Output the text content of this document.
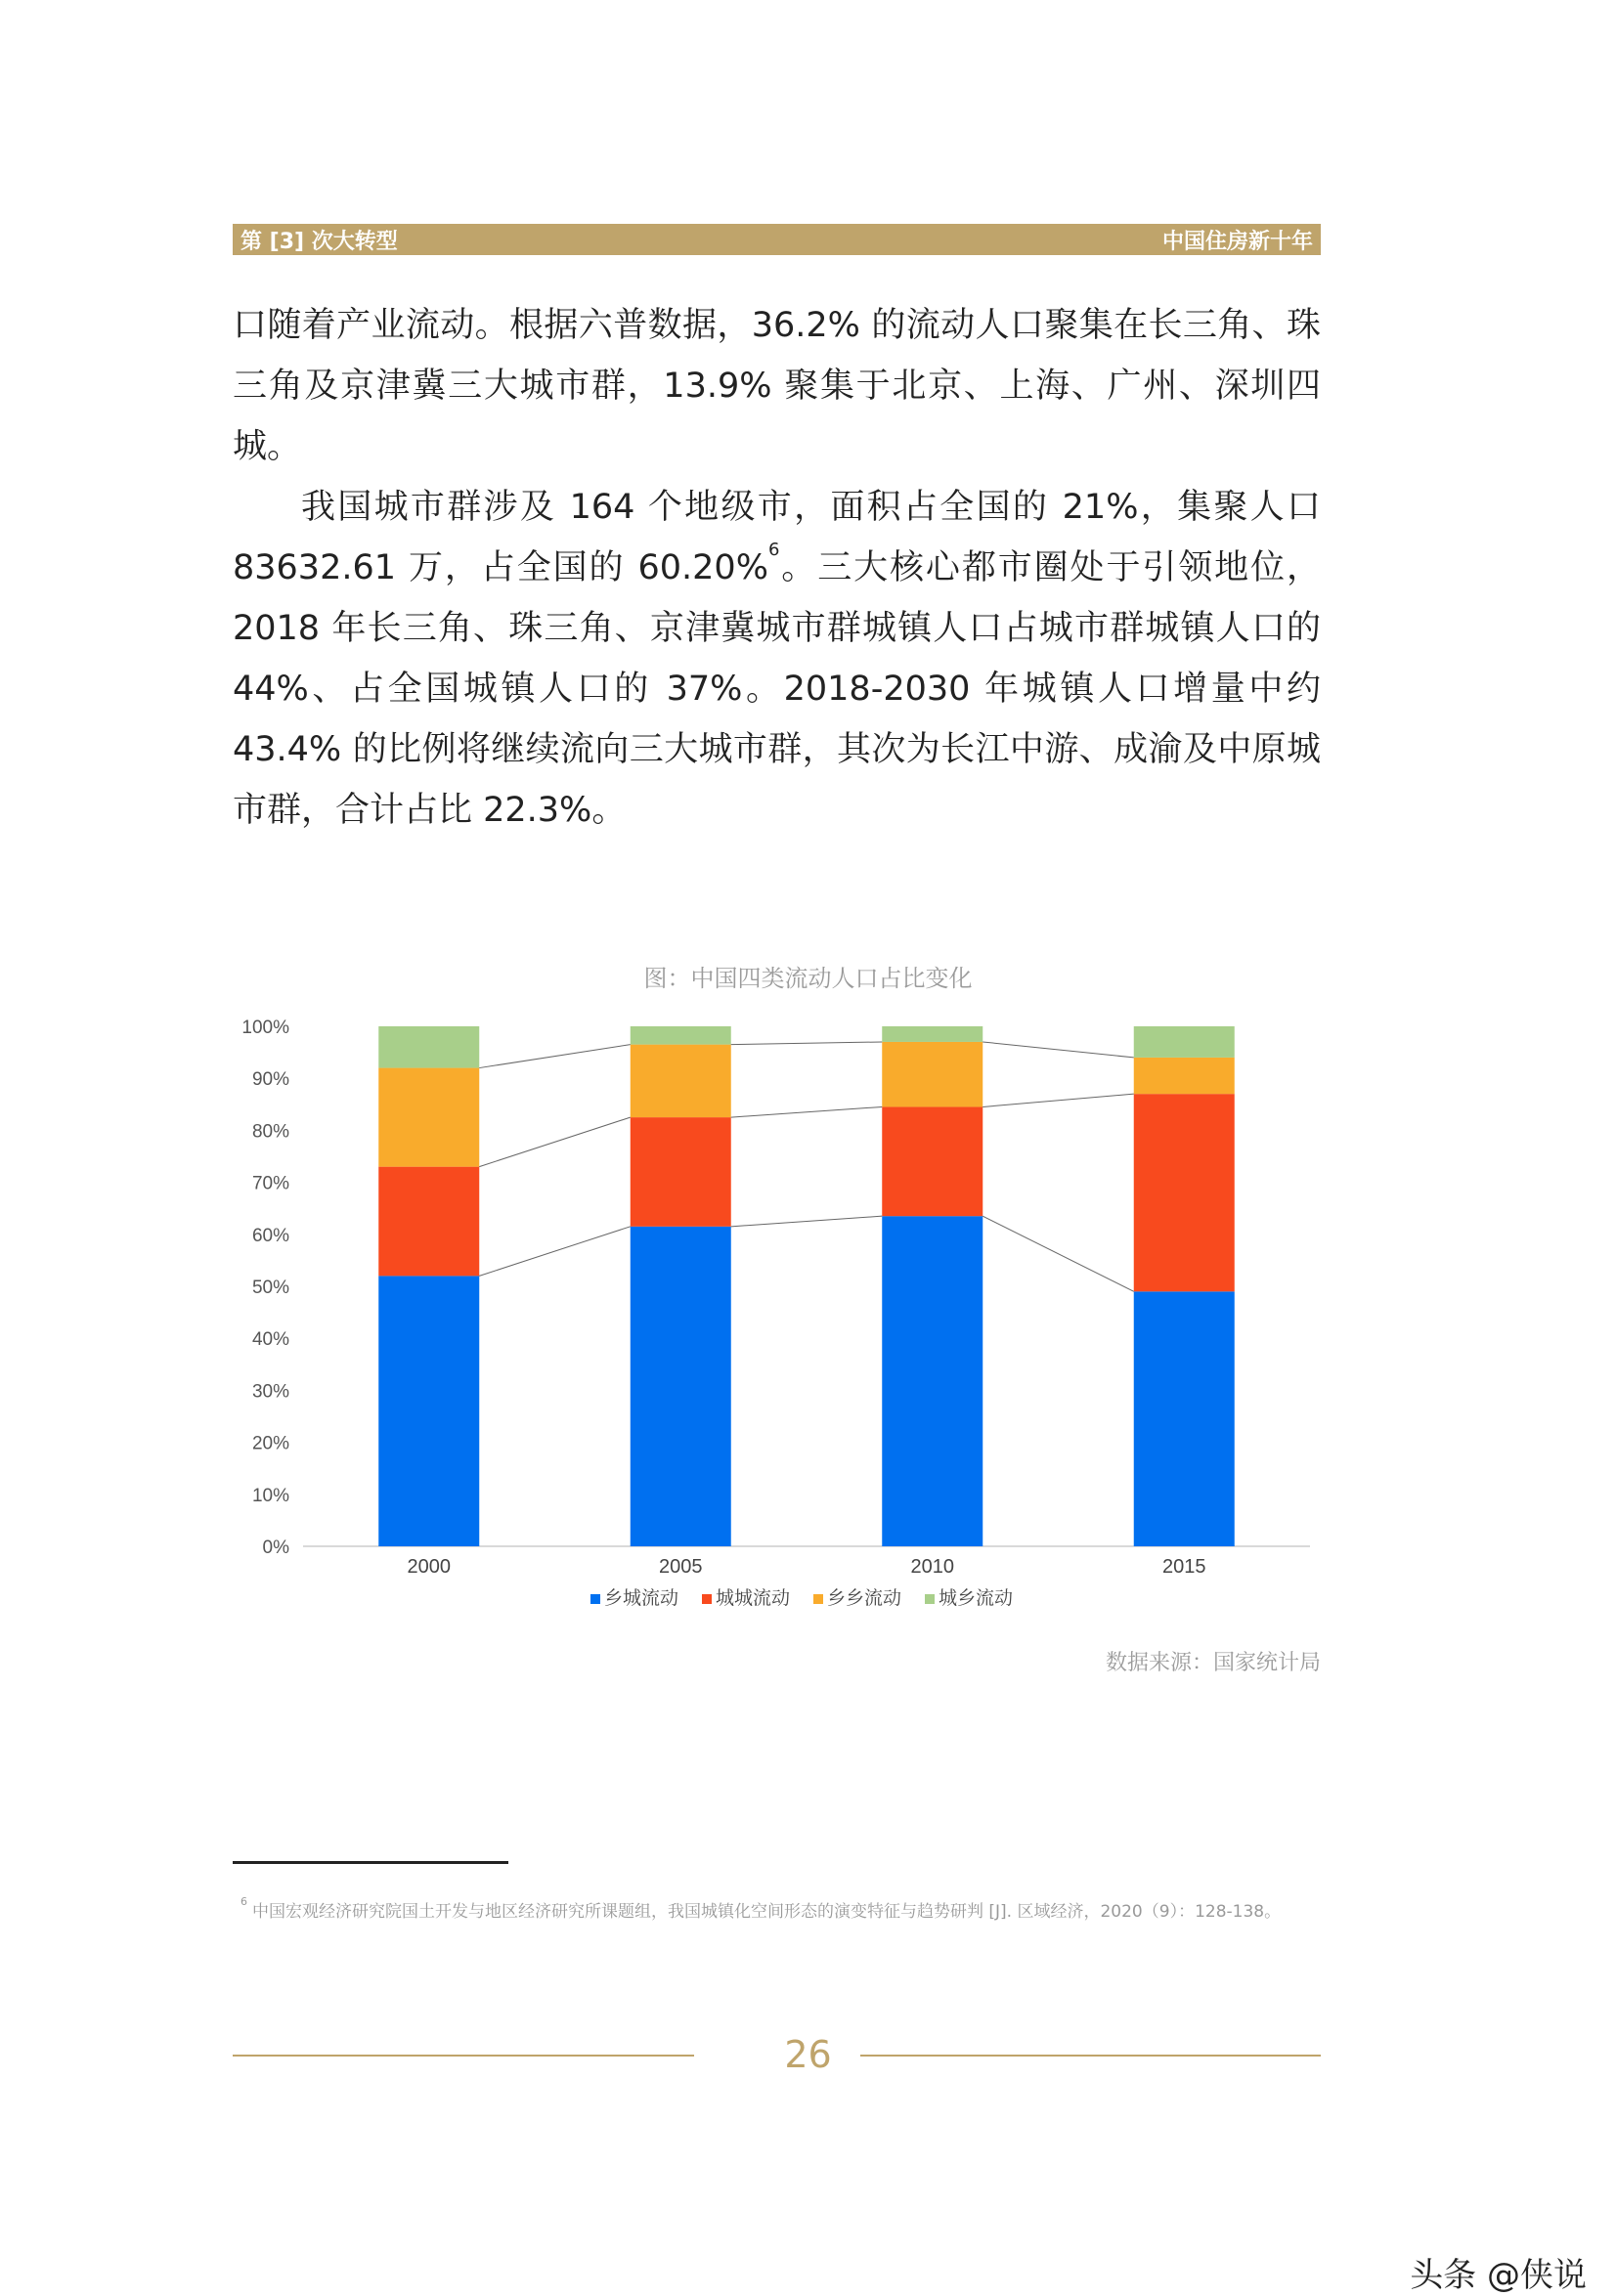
第 [3] 次大转型	中国住房新十年

口随着产业流动。根据六普数据，36.2% 的流动人口聚集在长三角、珠三角及京津冀三大城市群，13.9% 聚集于北京、上海、广州、深圳四城。

我国城市群涉及 164 个地级市，面积占全国的 21%，集聚人口 83632.61 万，占全国的 60.20%$^6$。三大核心都市圈处于引领地位，2018 年长三角、珠三角、京津冀城市群城镇人口占城市群城镇人口的 44%、占全国城镇人口的 37%。2018-2030 年城镇人口增量中约 43.4% 的比例将继续流向三大城市群，其次为长江中游、成渝及中原城市群，合计占比 22.3%。

图：中国四类流动人口占比变化
0%
10%
20%
30%
40%
50%
60%
70%
80%
90%
100%
2000	2005	2010	2015
乡城流动 城城流动 乡乡流动 城乡流动
数据来源：国家统计局
6
中国宏观经济研究院国土开发与地区经济研究所课题组，我国城镇化空间形态的演变特征与趋势研判 [J]. 区域经济，2020（9）：128-138。
26
头条 @侠说
